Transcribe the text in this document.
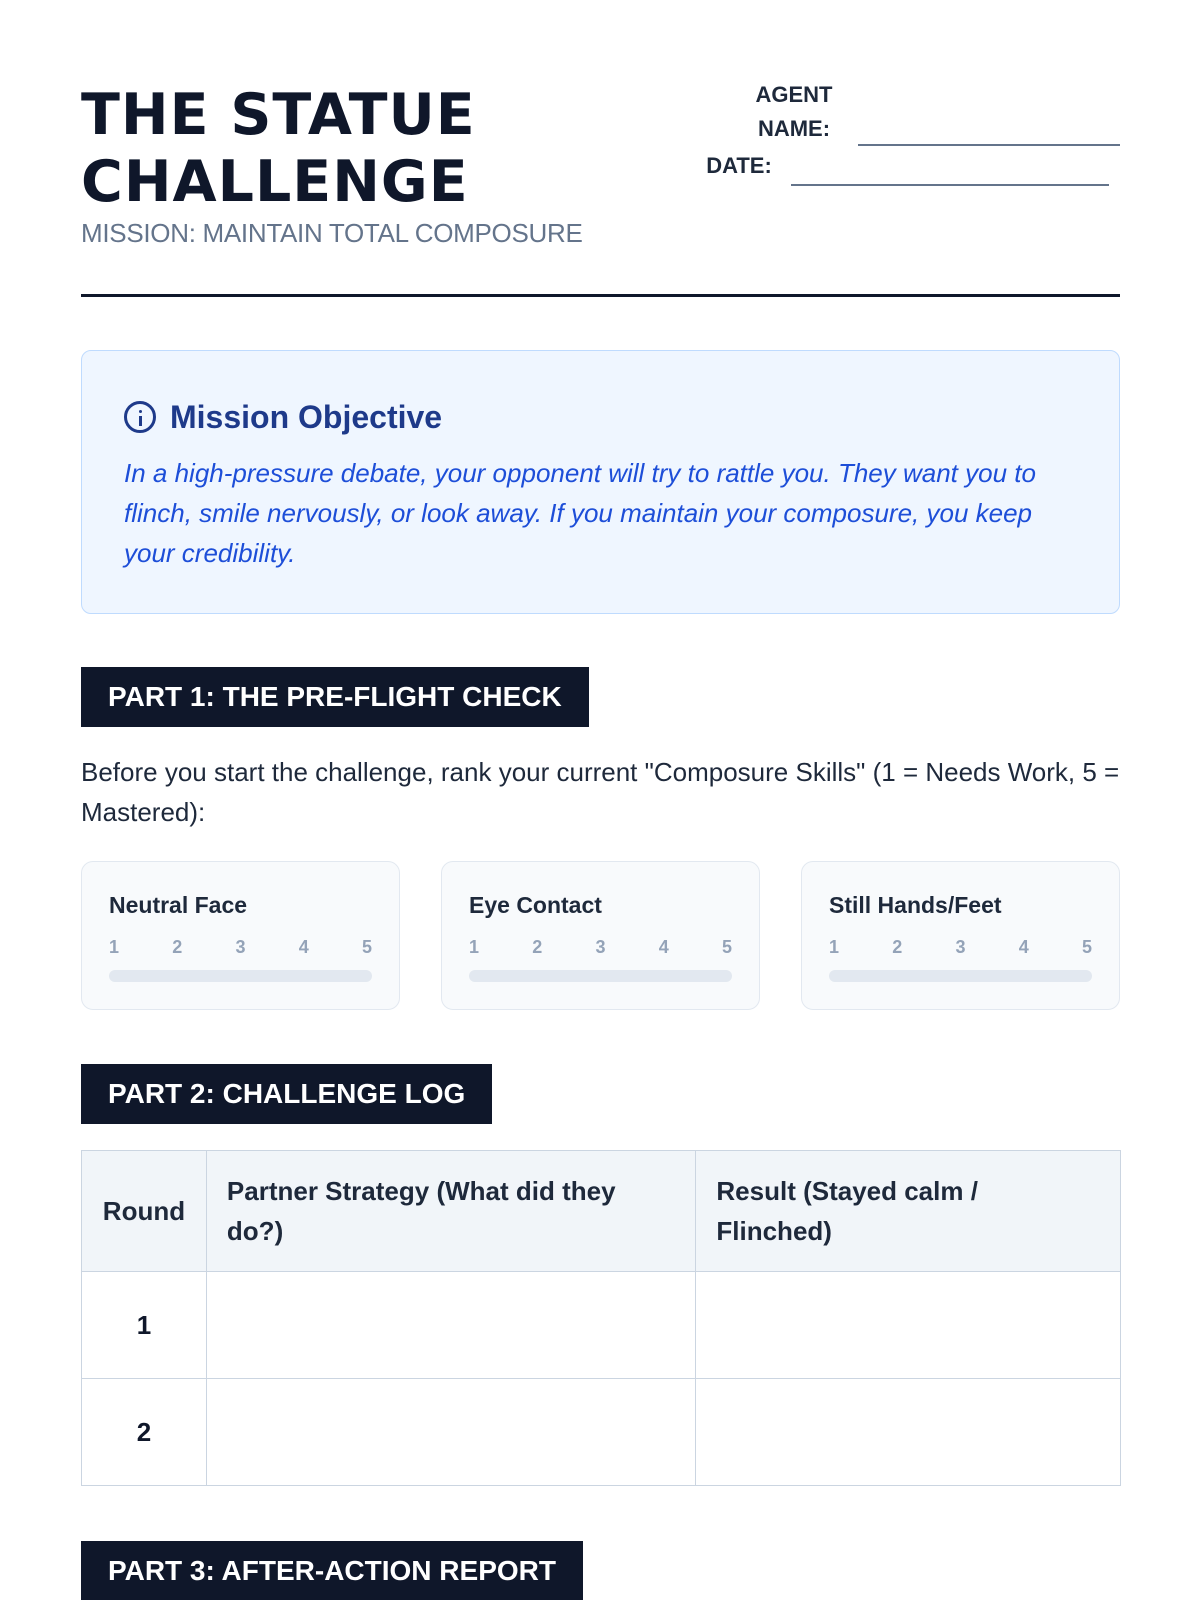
THE STATUE
CHALLENGE
MISSION: MAINTAIN TOTAL COMPOSURE
AGENT
NAME:
DATE:
Mission Objective
In a high-pressure debate, your opponent will try to rattle you. They want you to flinch, smile nervously, or look away. If you maintain your composure, you keep your credibility.
PART 1: THE PRE-FLIGHT CHECK
Before you start the challenge, rank your current "Composure Skills" (1 = Needs Work, 5 = Mastered):
Neutral Face
1	2	3	4	5
Eye Contact
1	2	3	4	5
Still Hands/Feet
1	2	3	4	5
PART 2: CHALLENGE LOG
Round	Partner Strategy (What did they do?)	Result (Stayed calm / Flinched)
1		
2		
PART 3: AFTER-ACTION REPORT
